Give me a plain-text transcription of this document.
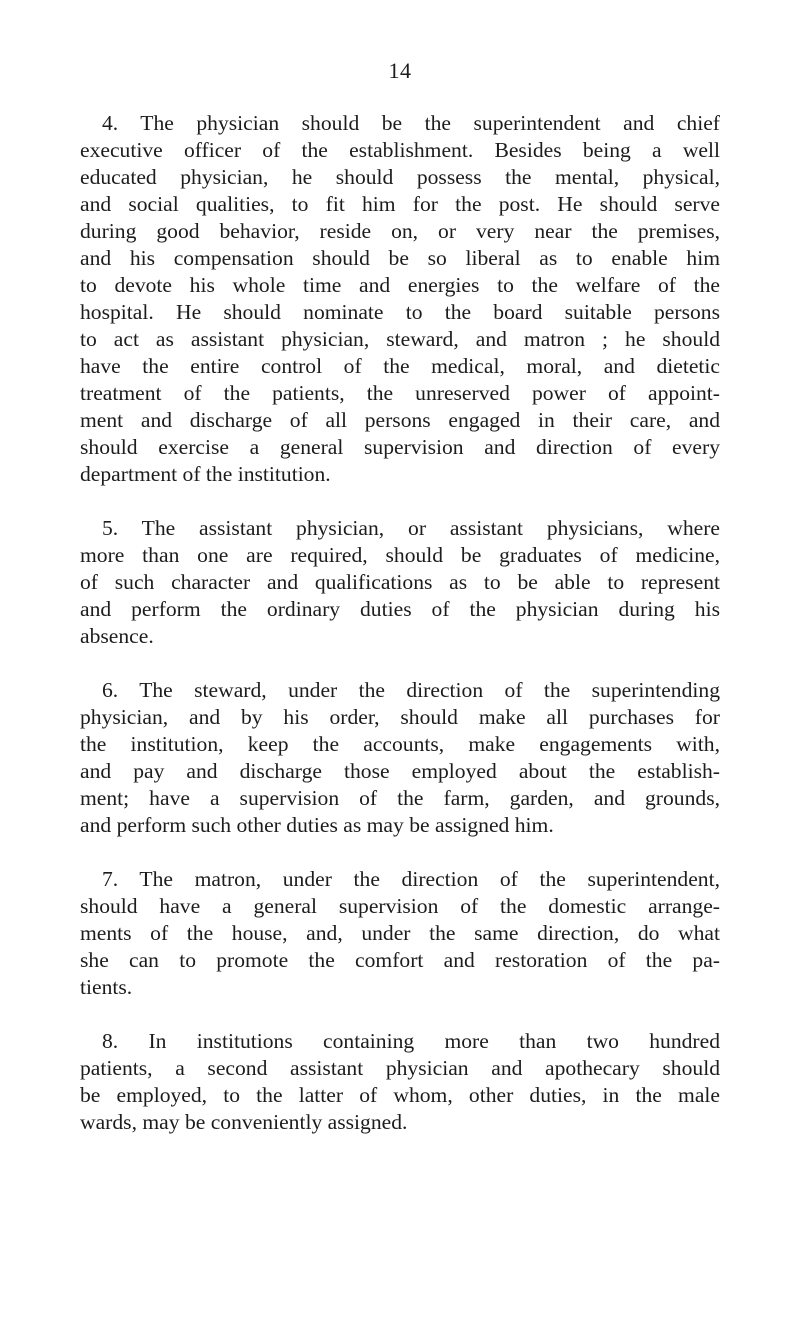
14

4. The physician should be the superintendent and chief
executive officer of the establishment. Besides being a well
educated physician, he should possess the mental, physical,
and social qualities, to fit him for the post. He should serve
during good behavior, reside on, or very near the premises,
and his compensation should be so liberal as to enable him
to devote his whole time and energies to the welfare of the
hospital. He should nominate to the board suitable persons
to act as assistant physician, steward, and matron ; he should
have the entire control of the medical, moral, and dietetic
treatment of the patients, the unreserved power of appoint-
ment and discharge of all persons engaged in their care, and
should exercise a general supervision and direction of every
department of the institution.

5. The assistant physician, or assistant physicians, where
more than one are required, should be graduates of medicine,
of such character and qualifications as to be able to represent
and perform the ordinary duties of the physician during his
absence.

6. The steward, under the direction of the superintending
physician, and by his order, should make all purchases for
the institution, keep the accounts, make engagements with,
and pay and discharge those employed about the establish-
ment; have a supervision of the farm, garden, and grounds,
and perform such other duties as may be assigned him.

7. The matron, under the direction of the superintendent,
should have a general supervision of the domestic arrange-
ments of the house, and, under the same direction, do what
she can to promote the comfort and restoration of the pa-
tients.

8. In institutions containing more than two hundred
patients, a second assistant physician and apothecary should
be employed, to the latter of whom, other duties, in the male
wards, may be conveniently assigned.
